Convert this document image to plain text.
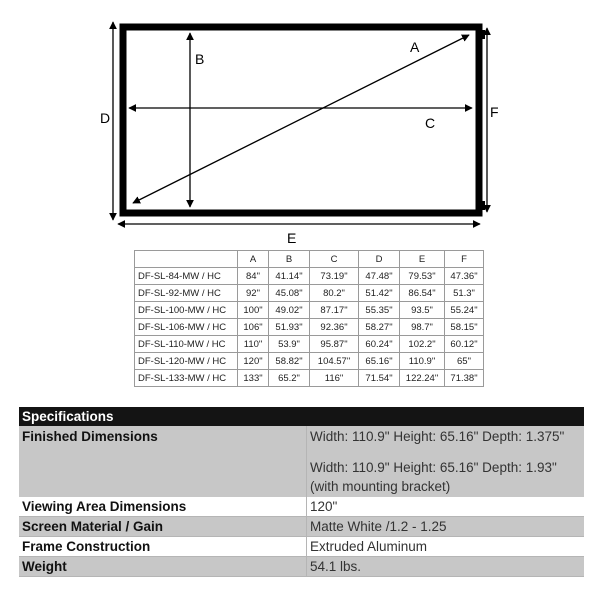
A
B
C
D
E
F
	A	B	C	D	E	F
DF-SL-84-MW / HC	84"	41.14"	73.19"	47.48"	79.53"	47.36"
DF-SL-92-MW / HC	92"	45.08"	80.2"	51.42"	86.54"	51.3"
DF-SL-100-MW / HC	100"	49.02"	87.17"	55.35"	93.5"	55.24"
DF-SL-106-MW / HC	106"	51.93"	92.36"	58.27"	98.7"	58.15"
DF-SL-110-MW / HC	110"	53.9"	95.87"	60.24"	102.2"	60.12"
DF-SL-120-MW / HC	120"	58.82"	104.57"	65.16"	110.9"	65"
DF-SL-133-MW / HC	133"	65.2"	116"	71.54"	122.24"	71.38"
Specifications	
Finished Dimensions	Width: 110.9" Height: 65.16" Depth: 1.375"
Width: 110.9" Height: 65.16" Depth: 1.93"
(with mounting bracket)

Viewing Area Dimensions	120"
Screen Material / Gain	Matte White /1.2 - 1.25
Frame Construction	Extruded Aluminum
Weight	54.1 lbs.
